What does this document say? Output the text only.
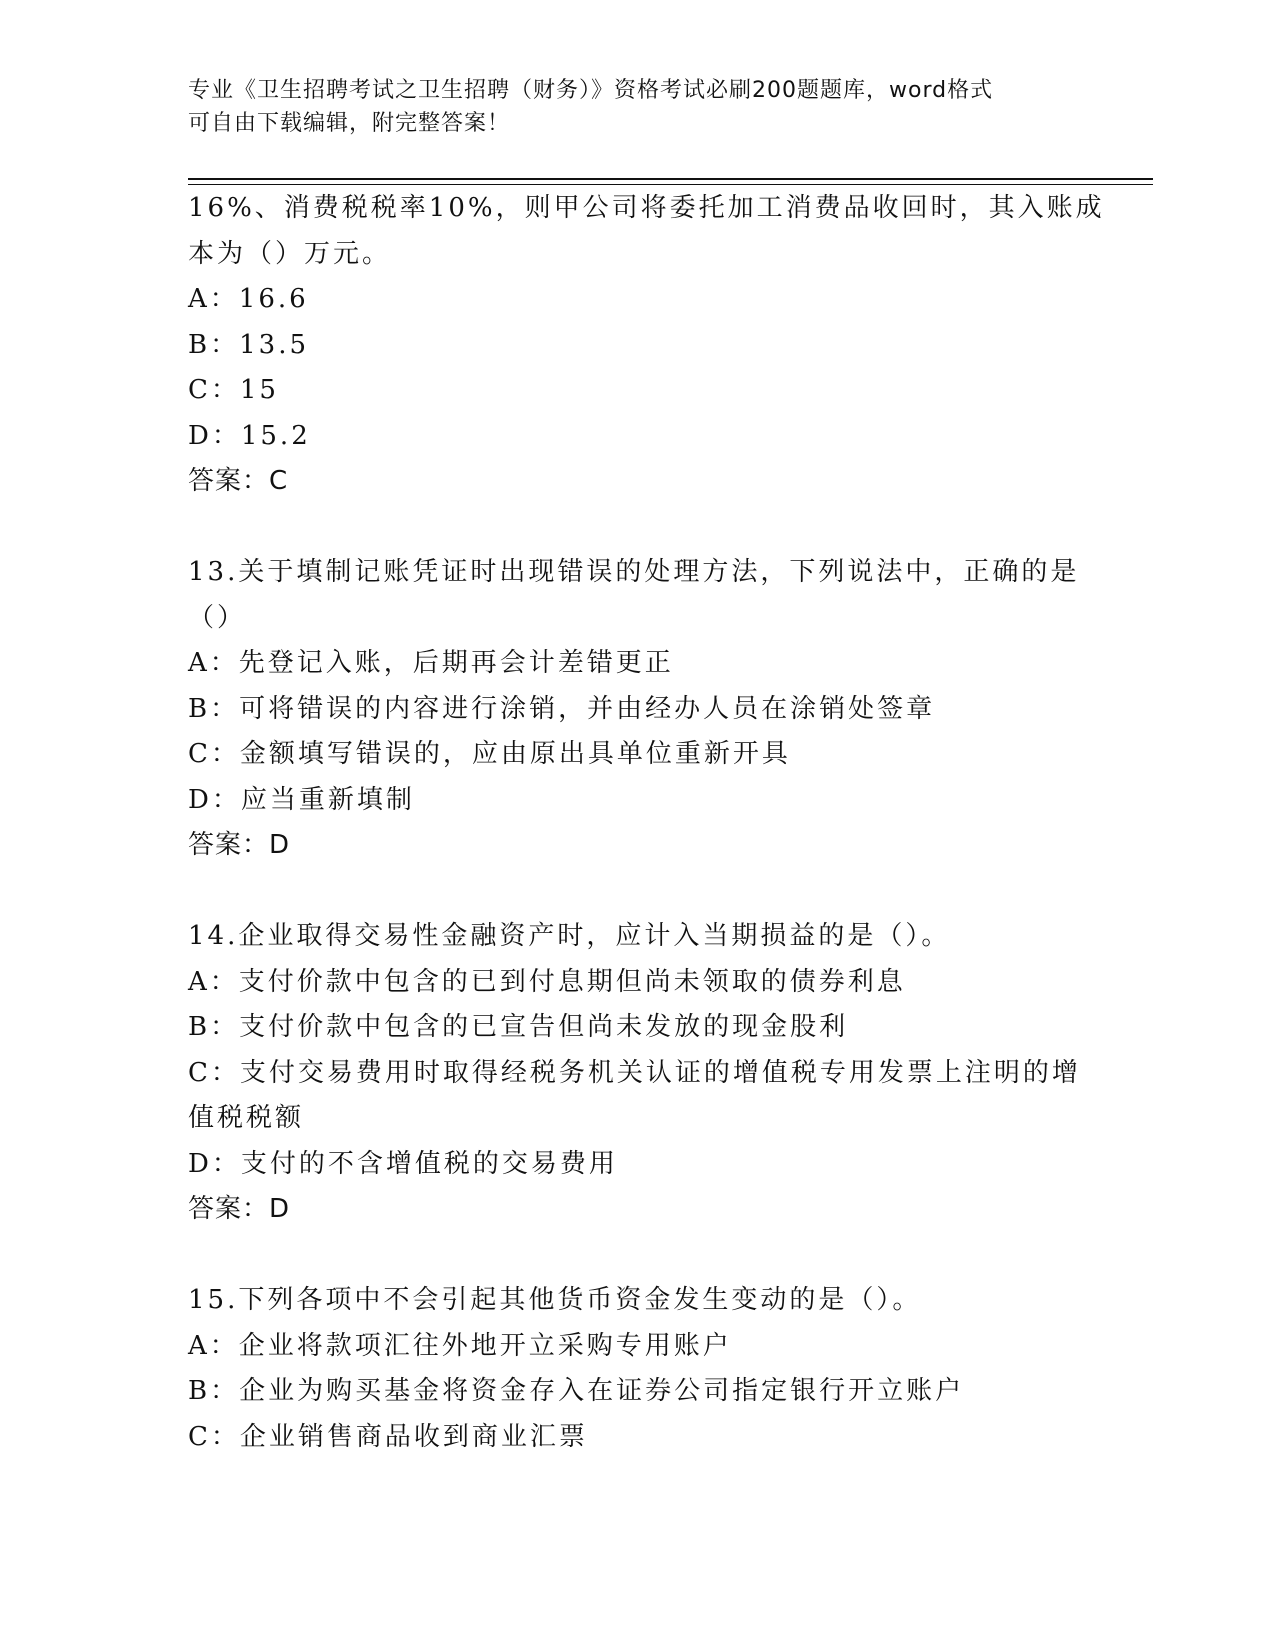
专业《卫生招聘考试之卫生招聘（财务）》资格考试必刷200题题库，word格式
可自由下载编辑，附完整答案！
16%、消费税税率10%，则甲公司将委托加工消费品收回时，其入账成
本为（）万元。
A：16.6
B：13.5
C：15
D：15.2
答案：C
13.关于填制记账凭证时出现错误的处理方法，下列说法中，正确的是
（）
A：先登记入账，后期再会计差错更正
B：可将错误的内容进行涂销，并由经办人员在涂销处签章
C：金额填写错误的，应由原出具单位重新开具
D：应当重新填制
答案：D
14.企业取得交易性金融资产时，应计入当期损益的是（）。
A：支付价款中包含的已到付息期但尚未领取的债券利息
B：支付价款中包含的已宣告但尚未发放的现金股利
C：支付交易费用时取得经税务机关认证的增值税专用发票上注明的增
值税税额
D：支付的不含增值税的交易费用
答案：D
15.下列各项中不会引起其他货币资金发生变动的是（）。
A：企业将款项汇往外地开立采购专用账户
B：企业为购买基金将资金存入在证券公司指定银行开立账户
C：企业销售商品收到商业汇票
